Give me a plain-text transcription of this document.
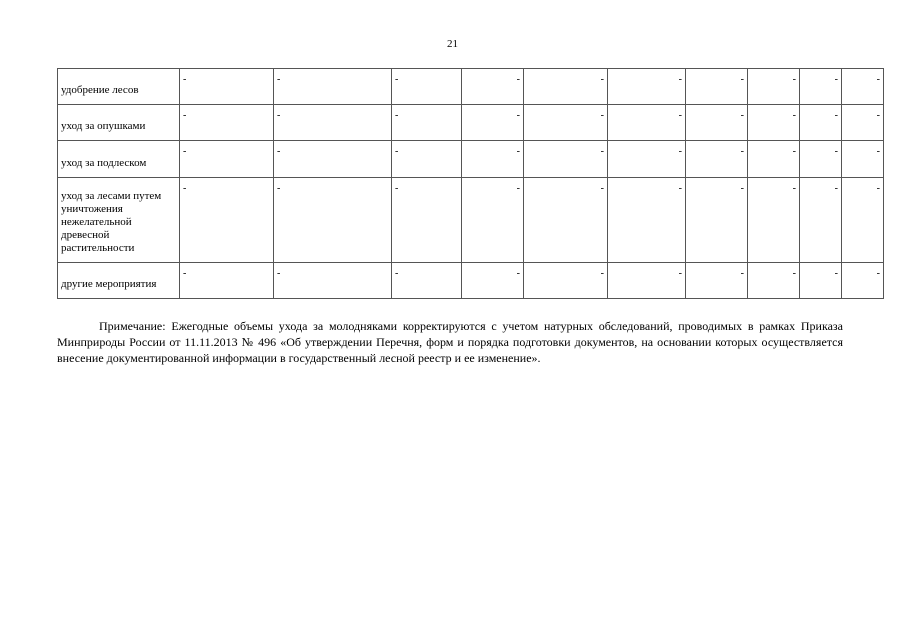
21
удобрение лесов	-	-	-	-	-	-	-	-	-	-

уход за опушками	-	-	-	-	-	-	-	-	-	-

уход за подлеском	-	-	-	-	-	-	-	-	-	-

уход за лесами путем уничтожения нежелательной древесной растительности	-	-	-	-	-	-	-	-	-	-

другие мероприятия	-	-	-	-	-	-	-	-	-	-
Примечание: Ежегодные объемы ухода за молодняками корректируются с учетом натурных обследований, проводимых в рамках Приказа Минприроды России от 11.11.2013 № 496 «Об утверждении Перечня, форм и порядка подготовки документов, на основании которых осуществляется внесение документированной информации в государственный лесной реестр и ее изменение».
